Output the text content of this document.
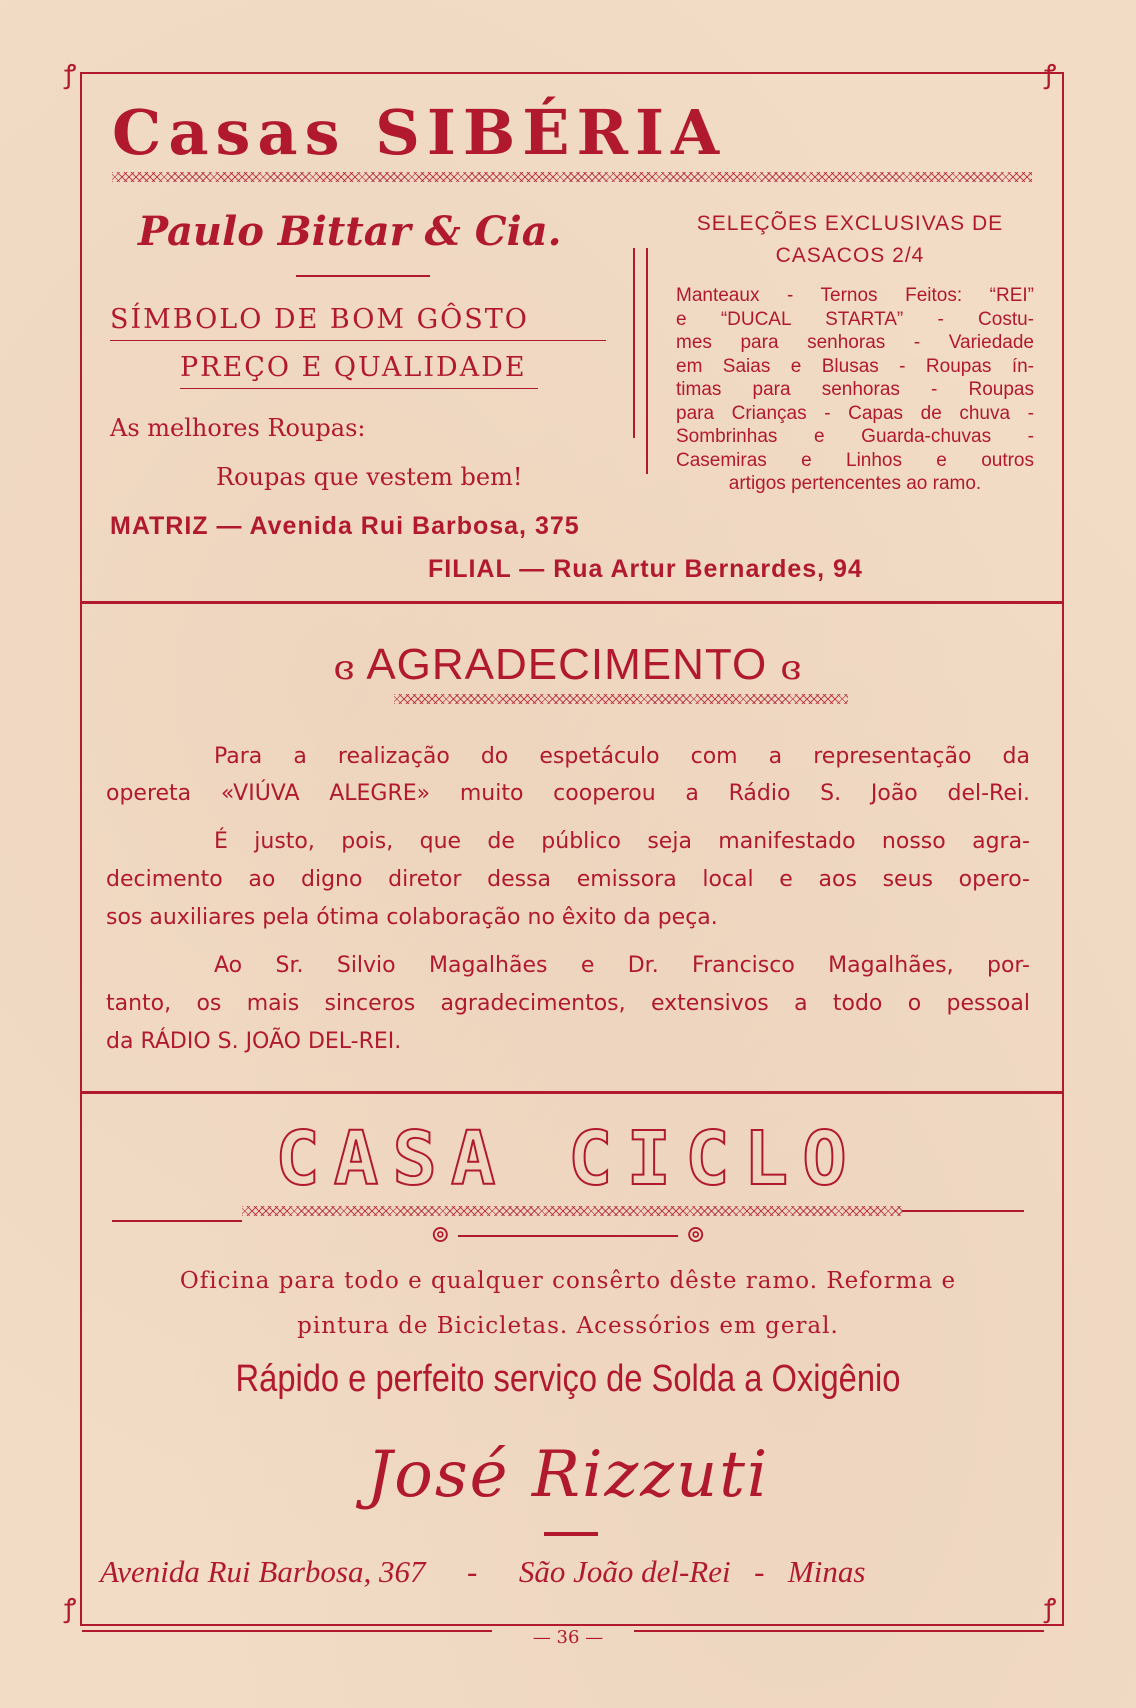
ꝭ	ꝭ
ꝭ	ꝭ
Casas SIBÉRIA
Paulo Bittar & Cia.
SÍMBOLO DE BOM GÔSTO
PREÇO E QUALIDADE
As melhores Roupas:
Roupas que vestem bem!
SELEÇÕES EXCLUSIVAS DE
CASACOS 2/4
Manteaux - Ternos Feitos: “REI”
e “DUCAL STARTA” - Costu-
mes para senhoras - Variedade
em Saias e Blusas - Roupas ín-
timas para senhoras - Roupas
para Crianças - Capas de chuva -
Sombrinhas e Guarda-chuvas -
Casemiras e Linhos e outros
artigos pertencentes ao ramo.
MATRIZ — Avenida Rui Barbosa, 375
FILIAL — Rua Artur Bernardes, 94
ɞ AGRADECIMENTO ɞ
Para a realização do espetáculo com a representação da
opereta «VIÚVA ALEGRE» muito cooperou a Rádio S. João del-Rei.
É justo, pois, que de público seja manifestado nosso agra-
decimento ao digno diretor dessa emissora local e aos seus opero-
sos auxiliares pela ótima colaboração no êxito da peça.
Ao Sr. Silvio Magalhães e Dr. Francisco Magalhães, por-
tanto, os mais sinceros agradecimentos, extensivos a todo o pessoal
da RÁDIO S. JOÃO DEL-REI.
CASA CICLO
⊚	⊚
Oficina para todo e qualquer consêrto dêste ramo. Reforma e
pintura de Bicicletas. Acessórios em geral.
Rápido e perfeito serviço de Solda a Oxigênio
José Rizzuti
Avenida Rui Barbosa, 367 - São João del-Rei - Minas
— 36 —
